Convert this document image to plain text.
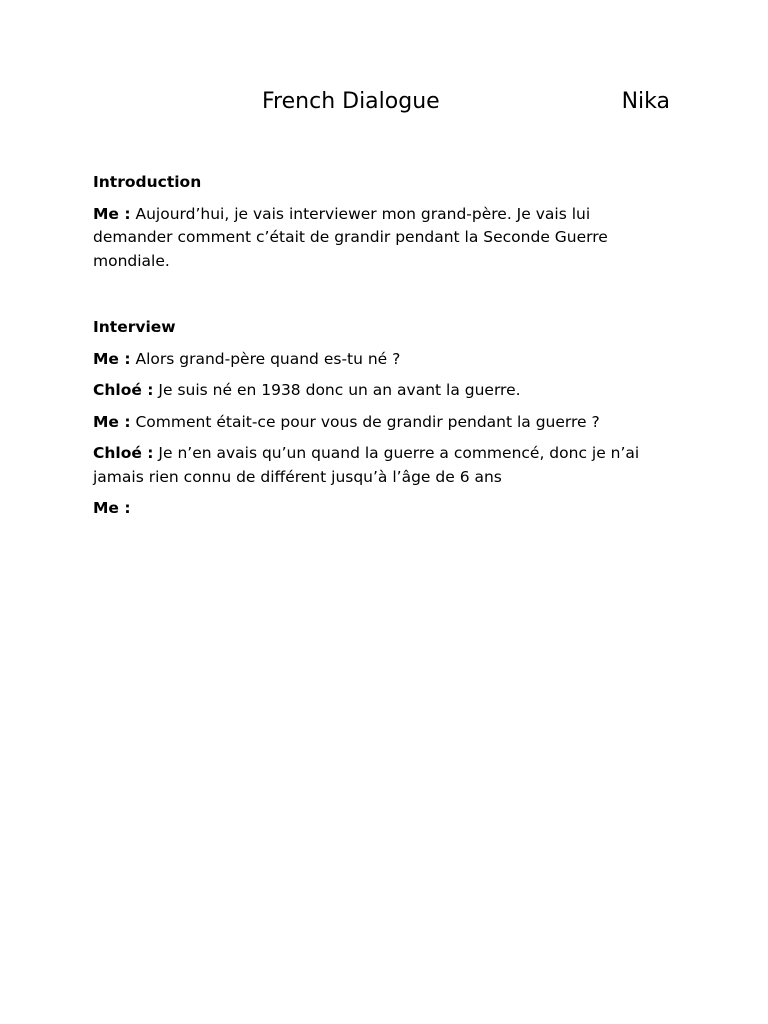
French Dialogue	Nika
Introduction

Me : Aujourd’hui, je vais interviewer mon grand-père. Je vais lui demander comment c’était de grandir pendant la Seconde Guerre mondiale.

Interview

Me : Alors grand-père quand es-tu né ?

Chloé : Je suis né en 1938 donc un an avant la guerre.

Me : Comment était-ce pour vous de grandir pendant la guerre ?

Chloé : Je n’en avais qu’un quand la guerre a commencé, donc je n’ai jamais rien connu de différent jusqu’à l’âge de 6 ans

Me :
